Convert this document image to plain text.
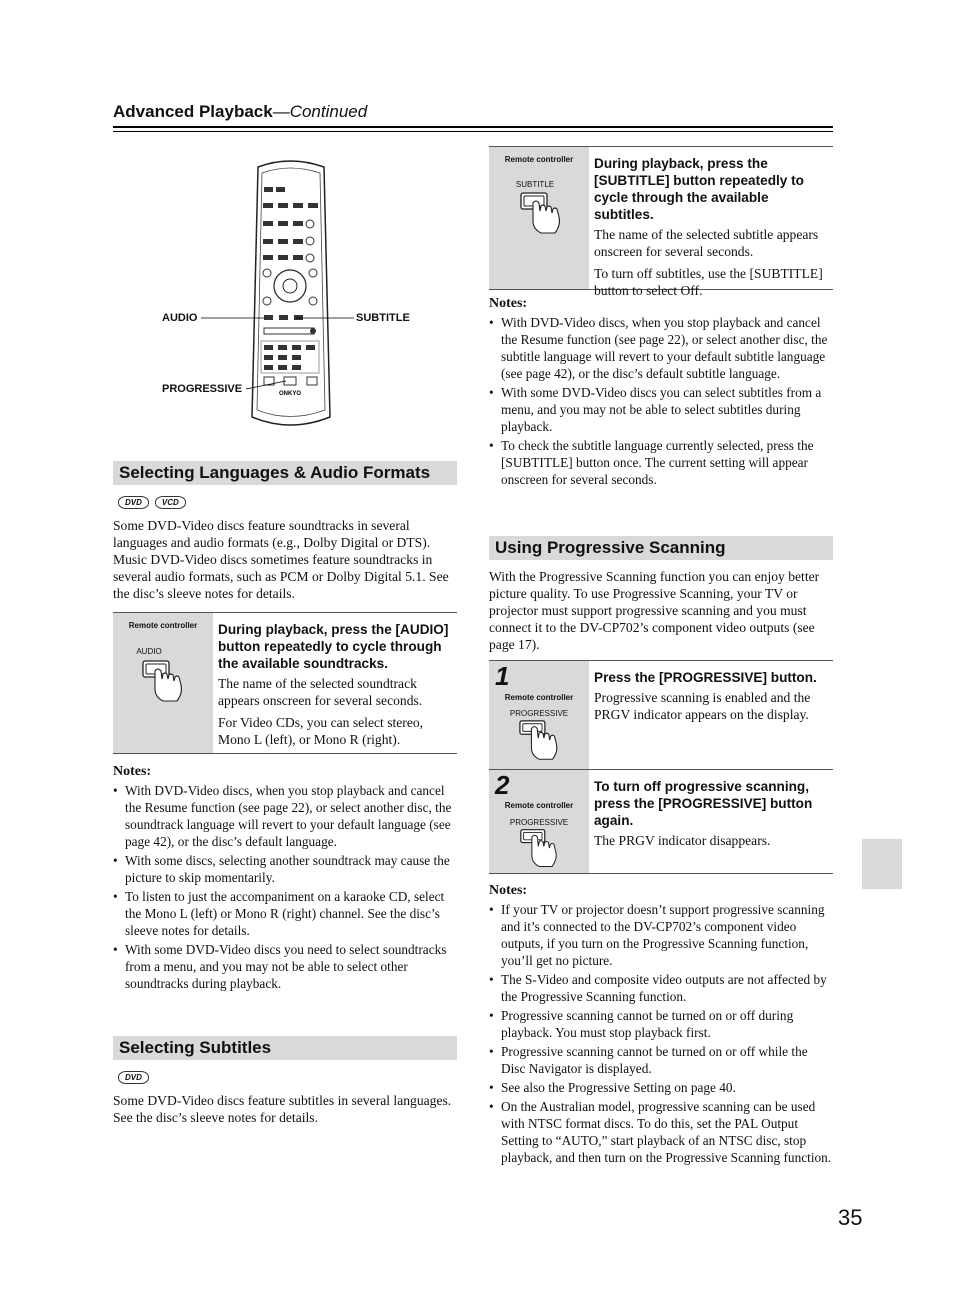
Advanced Playback—Continued
ONKYO
AUDIO	SUBTITLE
PROGRESSIVE
Selecting Languages & Audio Formats
DVD	VCD

Some DVD-Video discs feature soundtracks in several languages and audio formats (e.g., Dolby Digital or DTS). Music DVD-Video discs sometimes feature soundtracks in several audio formats, such as PCM or Dolby Digital 5.1. See the disc’s sleeve notes for details.

Remote controller
AUDIO
During playback, press the [AUDIO] button repeatedly to cycle through the available soundtracks.

The name of the selected soundtrack appears onscreen for several seconds.

For Video CDs, you can select stereo, Mono L (left), or Mono R (right).

Notes:

• With DVD-Video discs, when you stop playback and cancel the Resume function (see page 22), or select another disc, the soundtrack language will revert to your default language (see page 42), or the disc’s default language.
• With some discs, selecting another soundtrack may cause the picture to skip momentarily.
• To listen to just the accompaniment on a karaoke CD, select the Mono L (left) or Mono R (right) channel. See the disc’s sleeve notes for details.
• With some DVD-Video discs you need to select soundtracks from a menu, and you may not be able to select other soundtracks during playback.
Selecting Subtitles
DVD

Some DVD-Video discs feature subtitles in several languages. See the disc’s sleeve notes for details.

Remote controller
SUBTITLE
During playback, press the [SUBTITLE] button repeatedly to cycle through the available subtitles.

The name of the selected subtitle appears onscreen for several seconds.

To turn off subtitles, use the [SUBTITLE] button to select Off.

Notes:

• With DVD-Video discs, when you stop playback and cancel the Resume function (see page 22), or select another disc, the subtitle language will revert to your default subtitle language (see page 42), or the disc’s default subtitle language.
• With some DVD-Video discs you can select subtitles from a menu, and you may not be able to select subtitles during playback.
• To check the subtitle language currently selected, press the [SUBTITLE] button once. The current setting will appear onscreen for several seconds.
Using Progressive Scanning

With the Progressive Scanning function you can enjoy better picture quality. To use Progressive Scanning, your TV or projector must support progressive scanning and you must connect it to the DV-CP702’s component video outputs (see page 17).

1
Remote controller
PROGRESSIVE
Press the [PROGRESSIVE] button.

Progressive scanning is enabled and the PRGV indicator appears on the display.

2
Remote controller
PROGRESSIVE
To turn off progressive scanning, press the [PROGRESSIVE] button again.

The PRGV indicator disappears.

Notes:

• If your TV or projector doesn’t support progressive scanning and it’s connected to the DV-CP702’s component video outputs, if you turn on the Progressive Scanning function, you’ll get no picture.
• The S-Video and composite video outputs are not affected by the Progressive Scanning function.
• Progressive scanning cannot be turned on or off during playback. You must stop playback first.
• Progressive scanning cannot be turned on or off while the Disc Navigator is displayed.
• See also the Progressive Setting on page 40.
• On the Australian model, progressive scanning can be used with NTSC format discs. To do this, set the PAL Output Setting to “AUTO,” start playback of an NTSC disc, stop playback, and then turn on the Progressive Scanning function.
35
